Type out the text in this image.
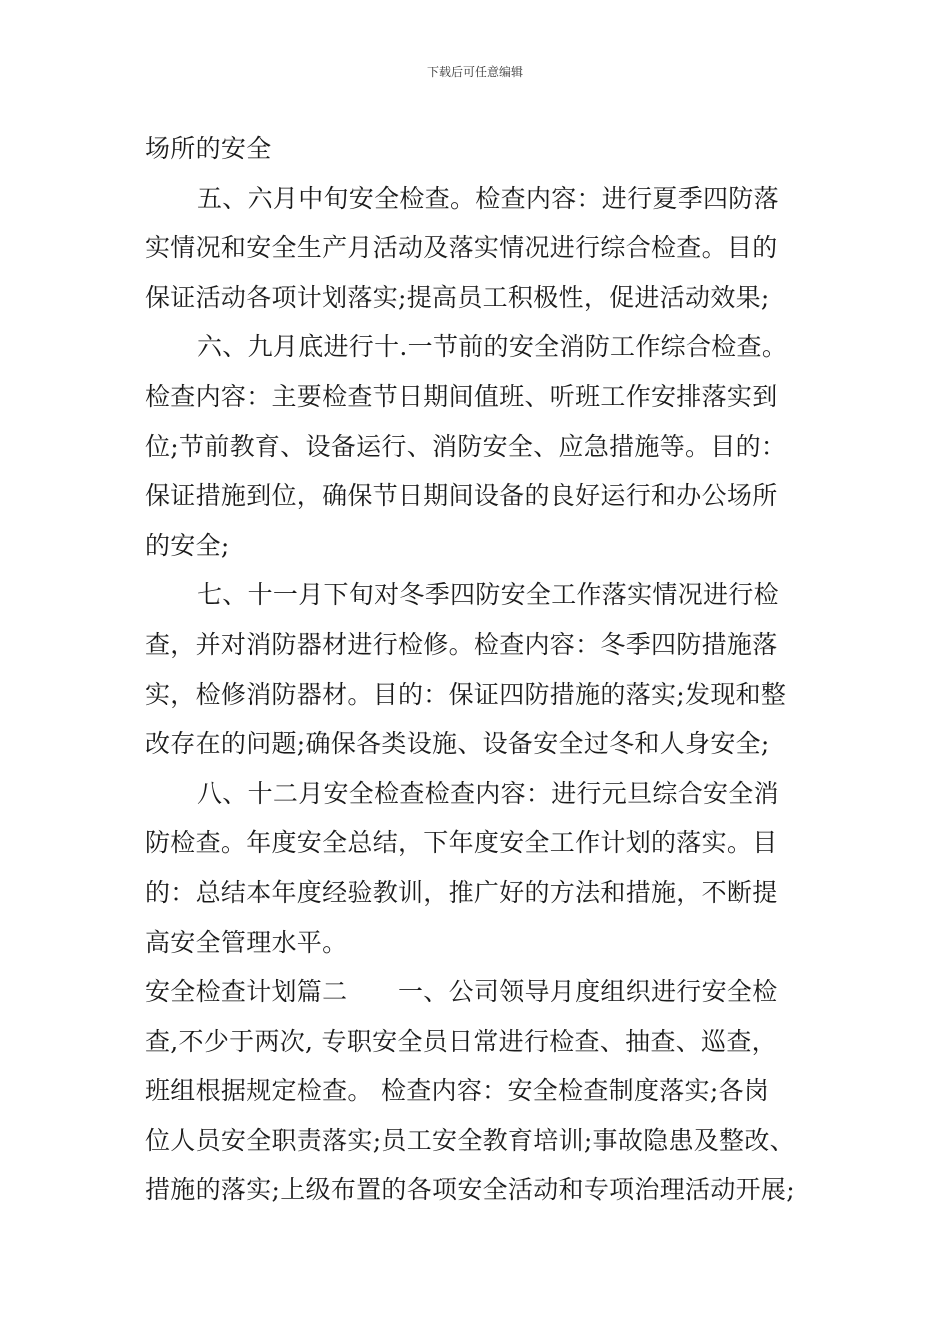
下载后可任意编辑
场所的安全
五、六月中旬安全检查。检查内容：进行夏季四防落
实情况和安全生产月活动及落实情况进行综合检查。目的
保证活动各项计划落实;提高员工积极性，促进活动效果;
六、九月底进行十.一节前的安全消防工作综合检查。
检查内容：主要检查节日期间值班、听班工作安排落实到
位;节前教育、设备运行、消防安全、应急措施等。目的：
保证措施到位，确保节日期间设备的良好运行和办公场所
的安全;
七、十一月下旬对冬季四防安全工作落实情况进行检
查，并对消防器材进行检修。检查内容：冬季四防措施落
实，检修消防器材。目的：保证四防措施的落实;发现和整
改存在的问题;确保各类设施、设备安全过冬和人身安全;
八、十二月安全检查检查内容：进行元旦综合安全消
防检查。年度安全总结，下年度安全工作计划的落实。目
的：总结本年度经验教训，推广好的方法和措施，不断提
高安全管理水平。
安全检查计划篇二　　一、公司领导月度组织进行安全检
查,不少于两次, 专职安全员日常进行检查、抽查、巡查，
班组根据规定检查。 检查内容：安全检查制度落实;各岗
位人员安全职责落实;员工安全教育培训;事故隐患及整改、
措施的落实;上级布置的各项安全活动和专项治理活动开展;
